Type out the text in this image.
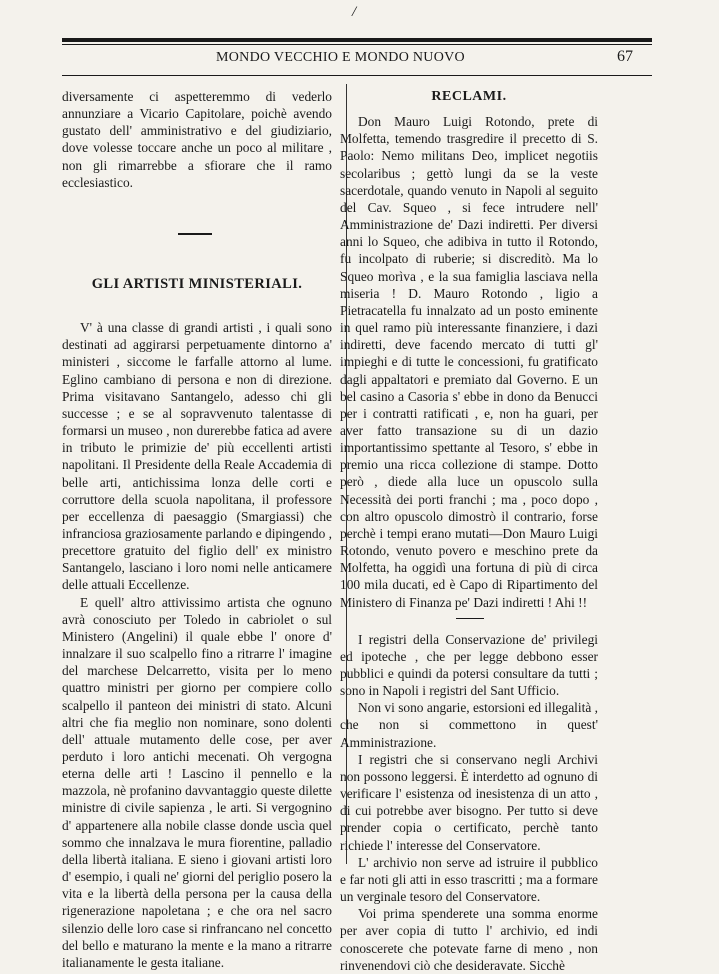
/
MONDO VECCHIO E MONDO NUOVO	67

diversamente ci aspetteremmo di vederlo annunziare a Vicario Capitolare, poichè avendo gustato dell' amministrativo e del giudiziario, dove volesse toccare anche un poco al militare , non gli rimarrebbe a sfiorare che il ramo ecclesiastico.

GLI ARTISTI MINISTERIALI.

V' à una classe di grandi artisti , i quali sono destinati ad aggirarsi perpetuamente dintorno a' ministeri , siccome le farfalle attorno al lume. Eglino cambiano di persona e non di direzione. Prima visitavano Santangelo, adesso chi gli successe ; e se al sopravvenuto talentasse di formarsi un museo , non durerebbe fatica ad avere in tributo le primizie de' più eccellenti artisti napolitani. Il Presidente della Reale Accademia di belle arti, antichissima lonza delle corti e corruttore della scuola napolitana, il professore per eccellenza di paesaggio (Smargiassi) che infranciosa graziosamente parlando e dipingendo , precettore gratuito del figlio dell' ex ministro Santangelo, lasciano i loro nomi nelle anticamere delle attuali Eccellenze.

E quell' altro attivissimo artista che ognuno avrà conosciuto per Toledo in cabriolet o sul Ministero (Angelini) il quale ebbe l' onore d' innalzare il suo scalpello fino a ritrarre l' imagine del marchese Delcarretto, visita per lo meno quattro ministri per giorno per compiere collo scalpello il panteon dei ministri di stato. Alcuni altri che fia meglio non nominare, sono dolenti dell' attuale mutamento delle cose, per aver perduto i loro antichi mecenati. Oh vergogna eterna delle arti ! Lascino il pennello e la mazzola, nè profanino davvantaggio queste dilette ministre di civile sapienza , le arti. Si vergognino d' appartenere alla nobile classe donde uscìa quel sommo che innalzava le mura fiorentine, palladio della libertà italiana. E sieno i giovani artisti loro d' esempio, i quali ne' giorni del periglio posero la vita e la libertà della persona per la causa della rigenerazione napoletana ; e che ora nel sacro silenzio delle loro case si rinfrancano nel concetto del bello e maturano la mente e la mano a ritrarre italianamente le gesta italiane.

RECLAMI.

Don Mauro Luigi Rotondo, prete di Molfetta, temendo trasgredire il precetto di S. Paolo: Nemo militans Deo, implicet negotiis secolaribus ; gettò lungi da se la veste sacerdotale, quando venuto in Napoli al seguito del Cav. Squeo , si fece intrudere nell' Amministrazione de' Dazi indiretti. Per diversi anni lo Squeo, che adibiva in tutto il Rotondo, fu incolpato di ruberie; si discreditò. Ma lo Squeo morìva , e la sua famiglia lasciava nella miseria ! D. Mauro Rotondo , ligio a Pietracatella fu innalzato ad un posto eminente in quel ramo più interessante finanziere, i dazi indiretti, deve facendo mercato di tutti gl' impieghi e di tutte le concessioni, fu gratificato dagli appaltatori e premiato dal Governo. E un bel casino a Casoria s' ebbe in dono da Benucci per i contratti ratificati , e, non ha guari, per aver fatto transazione su di un dazio importantissimo spettante al Tesoro, s' ebbe in premio una ricca collezione di stampe. Dotto però , diede alla luce un opuscolo sulla Necessità dei porti franchi ; ma , poco dopo , con altro opuscolo dimostrò il contrario, forse perchè i tempi erano mutati—Don Mauro Luigi Rotondo, venuto povero e meschino prete da Molfetta, ha oggidì una fortuna di più di circa 100 mila ducati, ed è Capo di Ripartimento del Ministero di Finanza pe' Dazi indiretti ! Ahi !!

I registri della Conservazione de' privilegi ed ipoteche , che per legge debbono esser pubblici e quindi da potersi consultare da tutti ; sono in Napoli i registri del Sant Ufficio.

Non vi sono angarie, estorsioni ed illegalità , che non si commettono in quest' Amministrazione.

I registri che si conservano negli Archivi non possono leggersi. È interdetto ad ognuno di verificare l' esistenza od inesistenza di un atto , di cui potrebbe aver bisogno. Per tutto si deve prender copia o certificato, perchè tanto richiede l' interesse del Conservatore.

L' archivio non serve ad istruire il pubblico e far noti gli atti in esso trascritti ; ma a formare un verginale tesoro del Conservatore.

Voi prima spenderete una somma enorme per aver copia di tutto l' archivio, ed indi conoscerete che potevate farne di meno , non rinvenendovi ciò che desideravate. Sicchè
